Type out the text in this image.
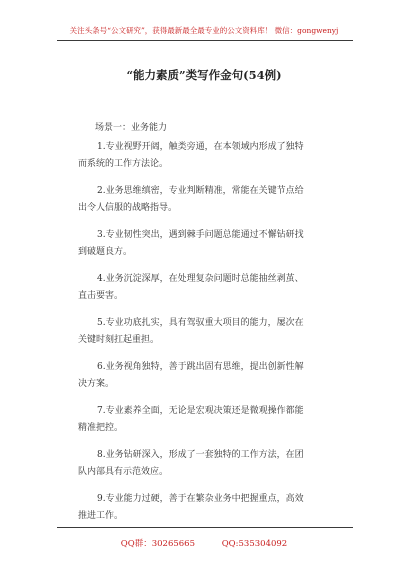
关注头条号“公文研究”，获得最新最全最专业的公文资料库！ 微信：gongwenyj
“能力素质”类写作金句(54例)
场景一：业务能力
1.专业视野开阔，触类旁通，在本领域内形成了独特
而系统的工作方法论。
2.业务思维缜密，专业判断精准，常能在关键节点给
出令人信服的战略指导。
3.专业韧性突出，遇到棘手问题总能通过不懈钻研找
到破题良方。
4.业务沉淀深厚，在处理复杂问题时总能抽丝剥茧、
直击要害。
5.专业功底扎实，具有驾驭重大项目的能力，屡次在
关键时刻扛起重担。
6.业务视角独特，善于跳出固有思维，提出创新性解
决方案。
7.专业素养全面，无论是宏观决策还是微观操作都能
精准把控。
8.业务钻研深入，形成了一套独特的工作方法，在团
队内部具有示范效应。
9.专业能力过硬，善于在繁杂业务中把握重点，高效
推进工作。
QQ群：30265665	QQ:535304092
